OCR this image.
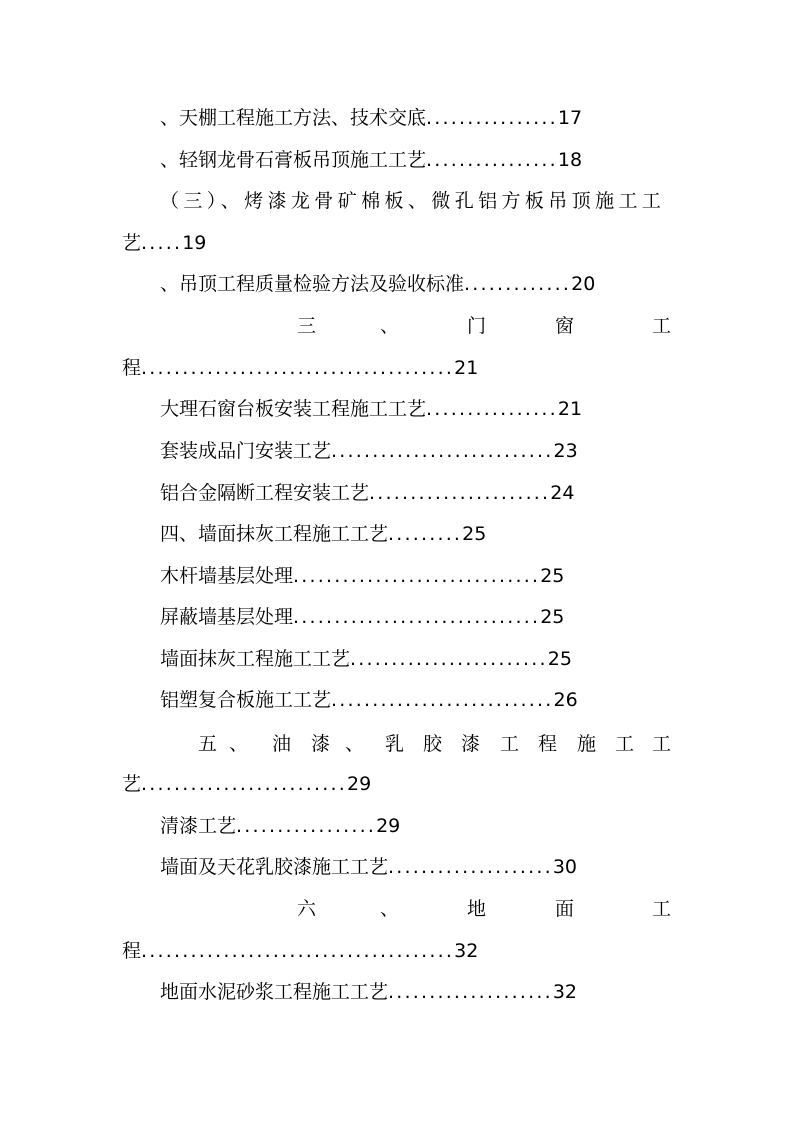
、天棚工程施工方法、技术交底................17
、轻钢龙骨石膏板吊顶施工工艺................18
（三）、烤漆龙骨矿棉板、微孔铝方板吊顶施工工
艺.....19
、吊顶工程质量检验方法及验收标准.............20
三	、	门	窗	工
程......................................21
大理石窗台板安装工程施工工艺................21
套装成品门安装工艺...........................23
铝合金隔断工程安装工艺......................24
四、墙面抹灰工程施工工艺.........25
木杆墙基层处理..............................25
屏蔽墙基层处理..............................25
墙面抹灰工程施工工艺........................25
铝塑复合板施工工艺...........................26
五 、 油 漆 、 乳 胶 漆 工 程 施 工 工
艺.........................29
清漆工艺.................29
墙面及天花乳胶漆施工工艺....................30
六	、	地	面	工
程......................................32
地面水泥砂浆工程施工工艺....................32
